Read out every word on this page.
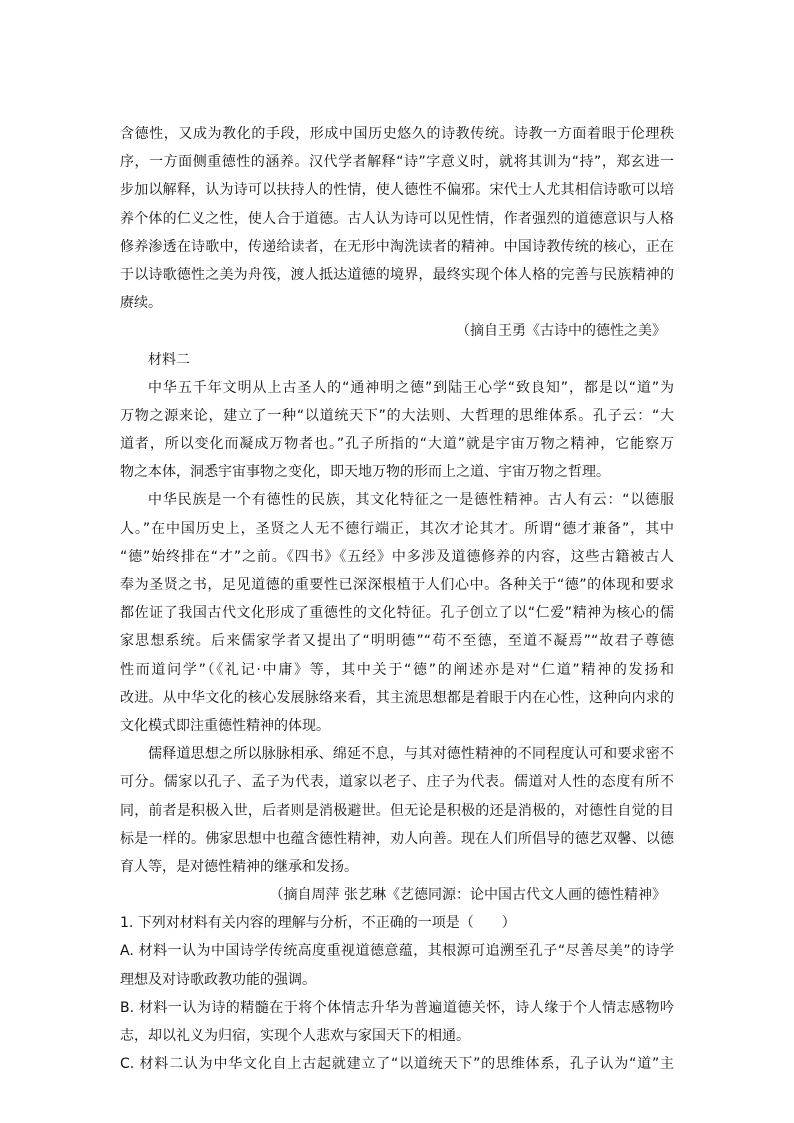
含德性，又成为教化的手段，形成中国历史悠久的诗教传统。诗教一方面着眼于伦理秩
序，一方面侧重德性的涵养。汉代学者解释“诗”字意义时，就将其训为“持”，郑玄进一
步加以解释，认为诗可以扶持人的性情，使人德性不偏邪。宋代士人尤其相信诗歌可以培
养个体的仁义之性，使人合于道德。古人认为诗可以见性情，作者强烈的道德意识与人格
修养渗透在诗歌中，传递给读者，在无形中淘洗读者的精神。中国诗教传统的核心，正在
于以诗歌德性之美为舟筏，渡人抵达道德的境界，最终实现个体人格的完善与民族精神的
赓续。
（摘自王勇《古诗中的德性之美》
材料二
中华五千年文明从上古圣人的“通神明之德”到陆王心学“致良知”，都是以“道”为
万物之源来论，建立了一种“以道统天下”的大法则、大哲理的思维体系。孔子云：“大
道者，所以变化而凝成万物者也。”孔子所指的“大道”就是宇宙万物之精神，它能察万
物之本体，洞悉宇宙事物之变化，即天地万物的形而上之道、宇宙万物之哲理。
中华民族是一个有德性的民族，其文化特征之一是德性精神。古人有云：“以德服
人。”在中国历史上，圣贤之人无不德行端正，其次才论其才。所谓“德才兼备”，其中
“德”始终排在“才”之前。《四书》《五经》中多涉及道德修养的内容，这些古籍被古人
奉为圣贤之书，足见道德的重要性已深深根植于人们心中。各种关于“德”的体现和要求
都佐证了我国古代文化形成了重德性的文化特征。孔子创立了以“仁爱”精神为核心的儒
家思想系统。后来儒家学者又提出了“明明德”“苟不至德，至道不凝焉”“故君子尊德
性而道问学”（《礼记·中庸》等，其中关于“德”的阐述亦是对“仁道”精神的发扬和
改进。从中华文化的核心发展脉络来看，其主流思想都是着眼于内在心性，这种向内求的
文化模式即注重德性精神的体现。
儒释道思想之所以脉脉相承、绵延不息，与其对德性精神的不同程度认可和要求密不
可分。儒家以孔子、孟子为代表，道家以老子、庄子为代表。儒道对人性的态度有所不
同，前者是积极入世，后者则是消极避世。但无论是积极的还是消极的，对德性自觉的目
标是一样的。佛家思想中也蕴含德性精神，劝人向善。现在人们所倡导的德艺双馨、以德
育人等，是对德性精神的继承和发扬。
（摘自周萍 张艺琳《艺德同源：论中国古代文人画的德性精神》
1. 下列对材料有关内容的理解与分析，不正确的一项是（　　）
A. 材料一认为中国诗学传统高度重视道德意蕴，其根源可追溯至孔子“尽善尽美”的诗学
理想及对诗歌政教功能的强调。
B. 材料一认为诗的精髓在于将个体情志升华为普遍道德关怀，诗人缘于个人情志感物吟
志，却以礼义为归宿，实现个人悲欢与家国天下的相通。
C. 材料二认为中华文化自上古起就建立了“以道统天下”的思维体系，孔子认为“道”主
